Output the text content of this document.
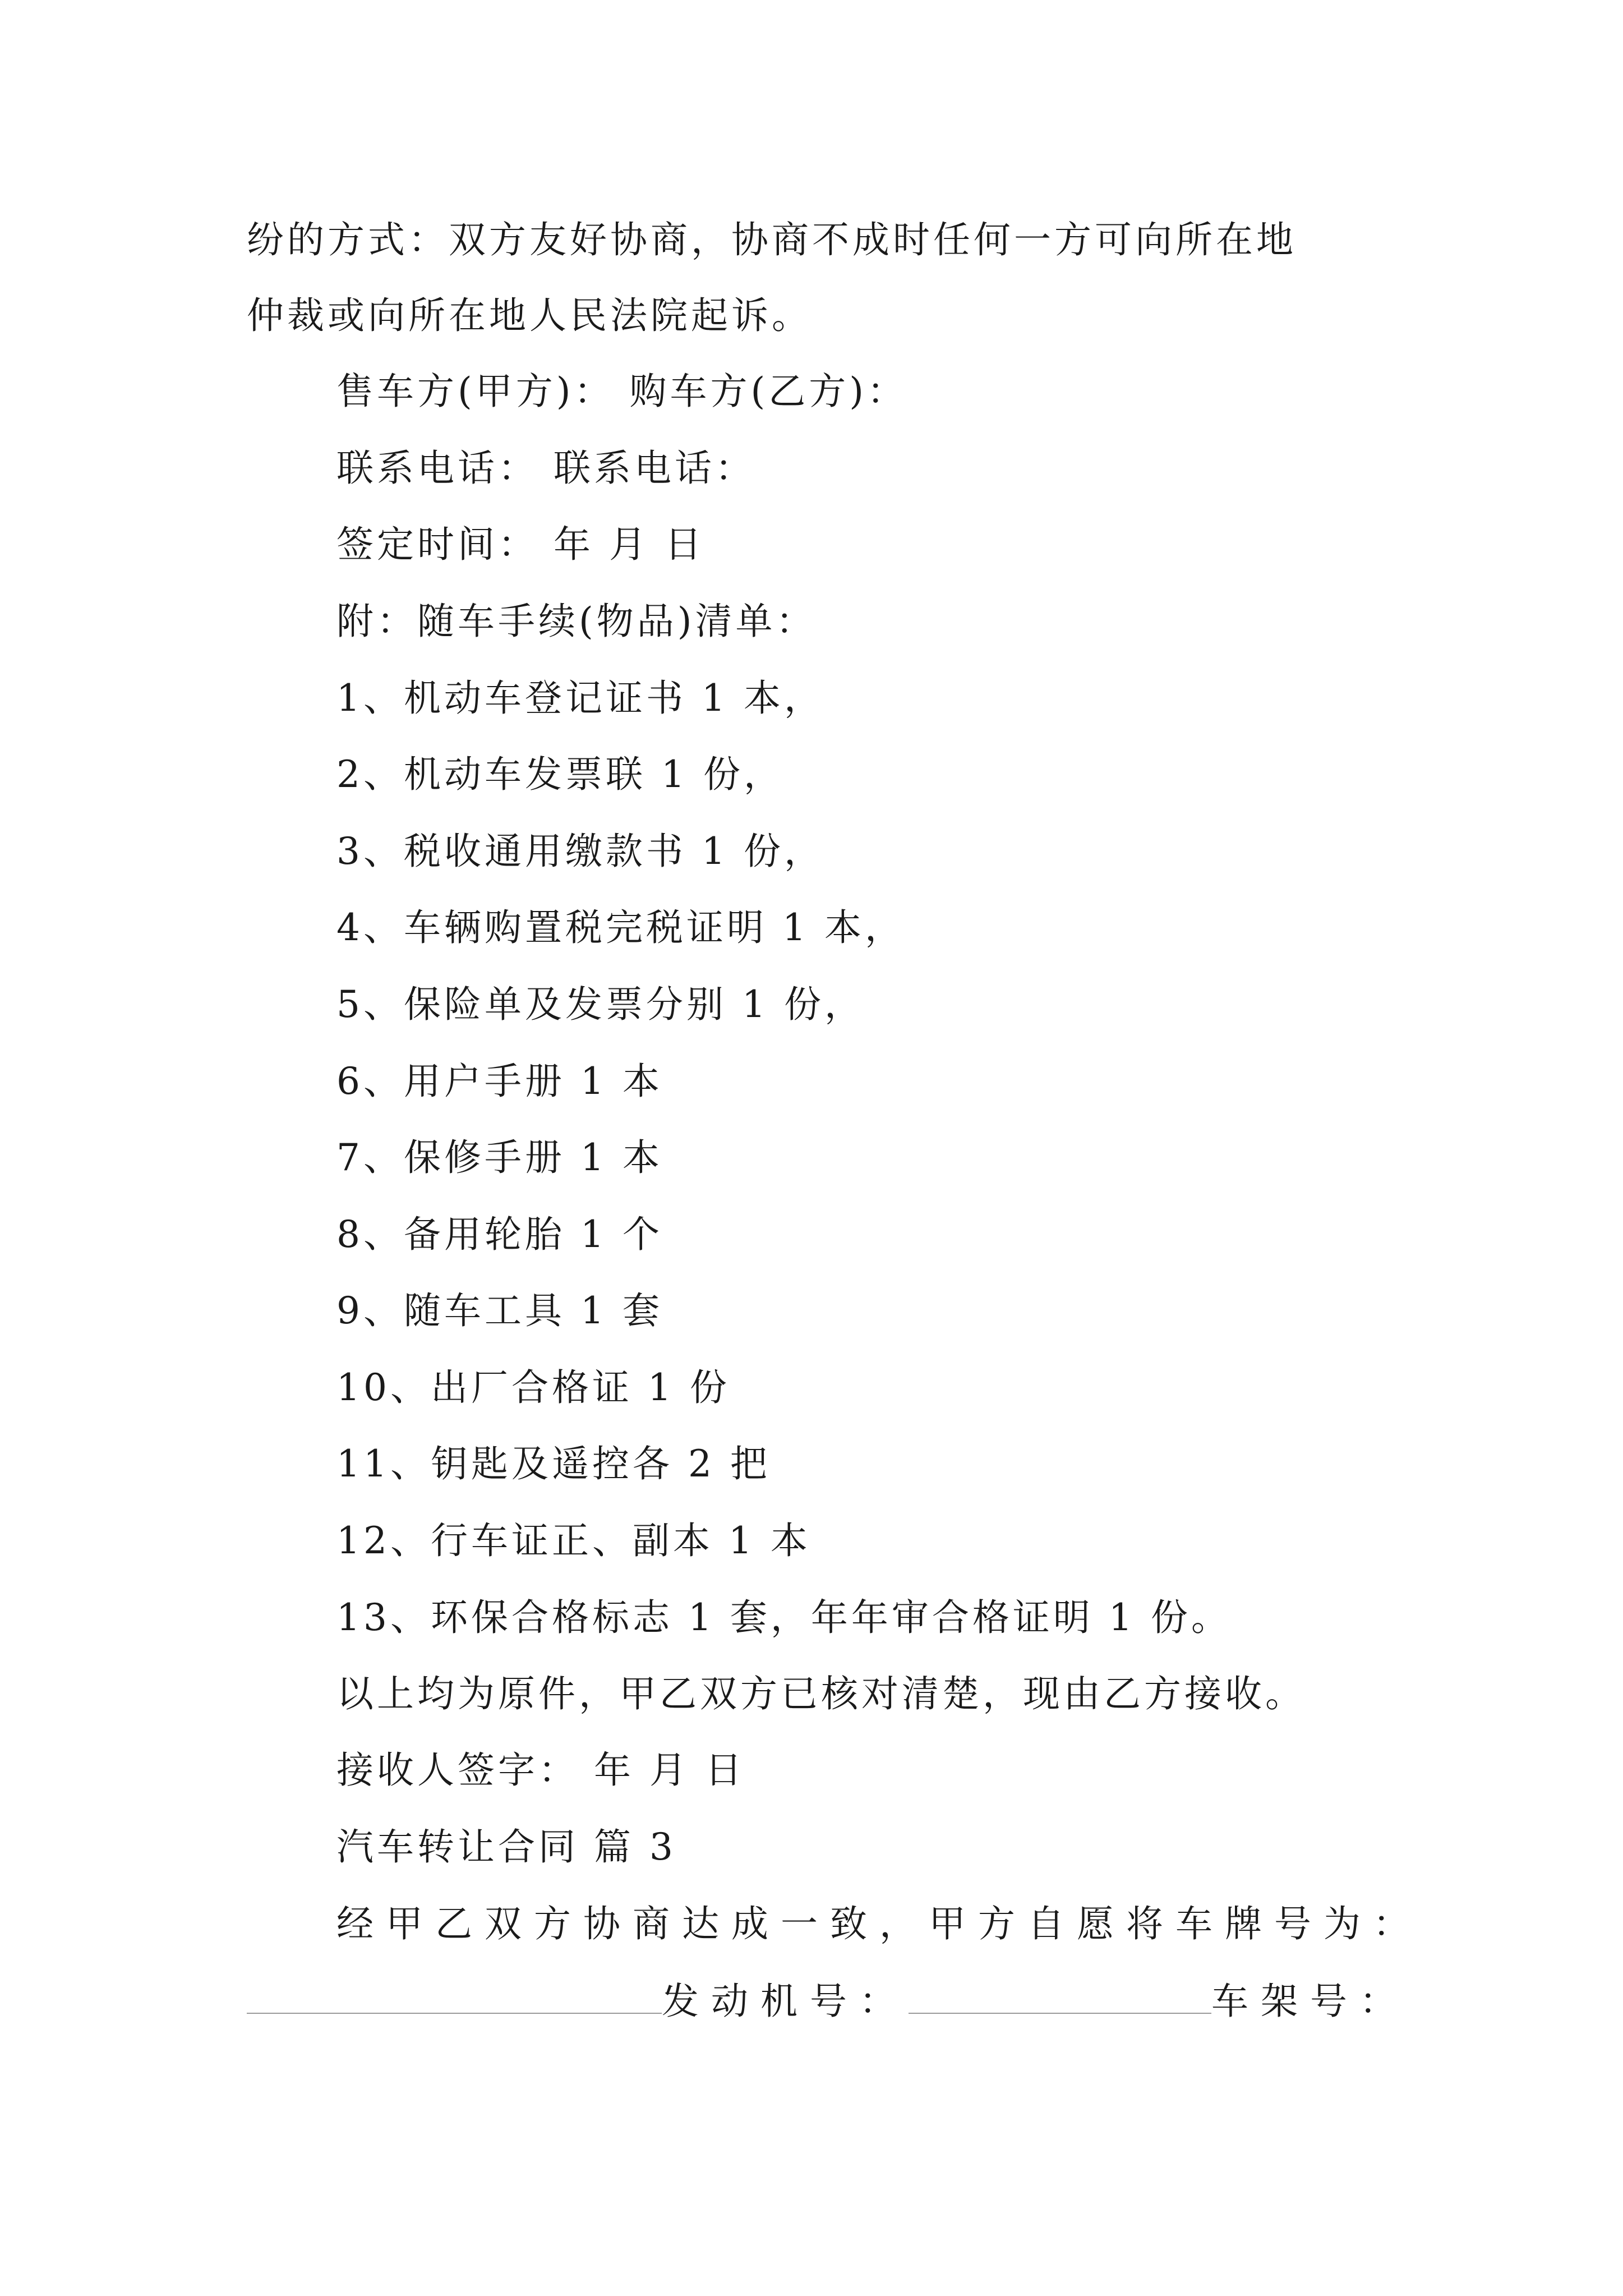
纷的方式：双方友好协商，协商不成时任何一方可向所在地
仲裁或向所在地人民法院起诉。
售车方(甲方)： 购车方(乙方)：
联系电话： 联系电话：
签定时间： 年 月 日
附：随车手续(物品)清单：
1、机动车登记证书 1 本，
2、机动车发票联 1 份，
3、税收通用缴款书 1 份，
4、车辆购置税完税证明 1 本，
5、保险单及发票分别 1 份，
6、用户手册 1 本
7、保修手册 1 本
8、备用轮胎 1 个
9、随车工具 1 套
10、出厂合格证 1 份
11、钥匙及遥控各 2 把
12、行车证正、副本 1 本
13、环保合格标志 1 套，年年审合格证明 1 份。
以上均为原件，甲乙双方已核对清楚，现由乙方接收。
接收人签字： 年 月 日
汽车转让合同 篇 3
经甲乙双方协商达成一致，甲方自愿将车牌号为：
发动机号：	车架号：
